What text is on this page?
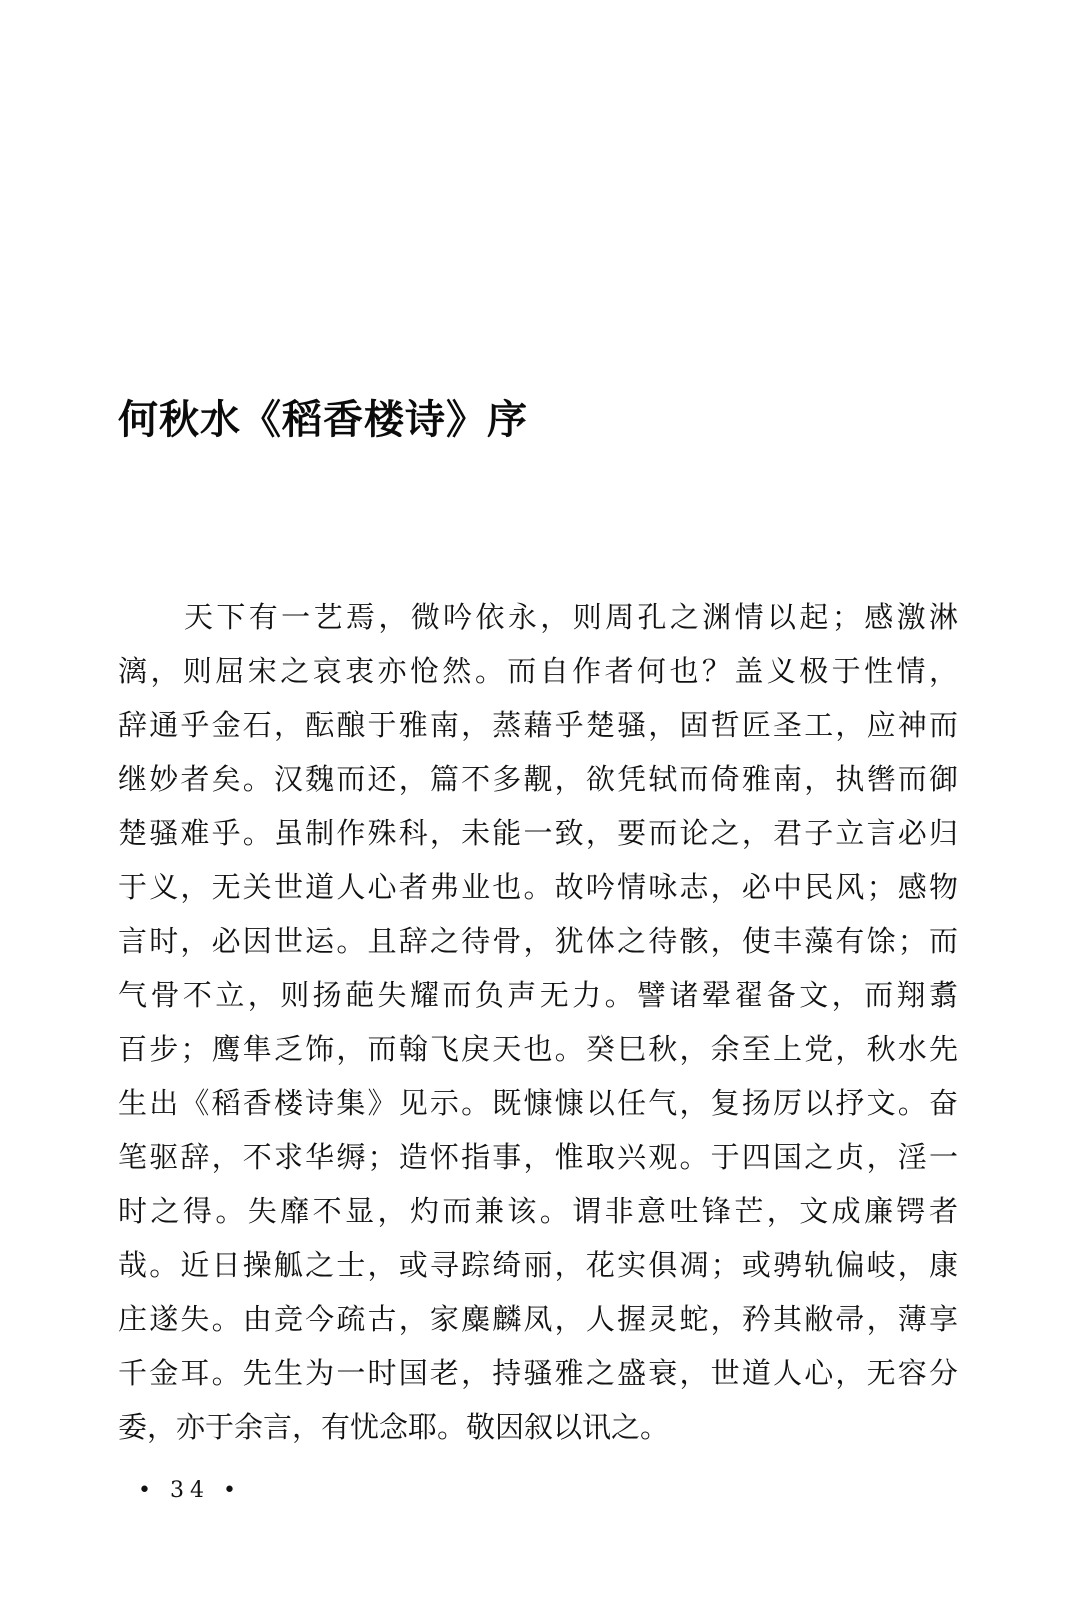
何秋水《稻香楼诗》序
天下有一艺焉，微吟依永，则周孔之渊情以起；感激淋
漓，则屈宋之哀衷亦怆然。而自作者何也？盖义极于性情，
辞通乎金石，酝酿于雅南，蒸藉乎楚骚，固哲匠圣工，应神而
继妙者矣。汉魏而还，篇不多觏，欲凭轼而倚雅南，执辔而御
楚骚难乎。虽制作殊科，未能一致，要而论之，君子立言必归
于义，无关世道人心者弗业也。故吟情咏志，必中民风；感物
言时，必因世运。且辞之待骨，犹体之待骸，使丰藻有馀；而
气骨不立，则扬葩失耀而负声无力。譬诸翚翟备文，而翔翥
百步；鹰隼乏饰，而翰飞戾天也。癸巳秋，余至上党，秋水先
生出《稻香楼诗集》见示。既慷慷以任气，复扬厉以抒文。奋
笔驱辞，不求华缛；造怀指事，惟取兴观。于四国之贞，淫一
时之得。失靡不显，灼而兼该。谓非意吐锋芒，文成廉锷者
哉。近日操觚之士，或寻踪绮丽，花实俱凋；或骋轨偏岐，康
庄遂失。由竞今疏古，家麋麟凤，人握灵蛇，矜其敝帚，薄享
千金耳。先生为一时国老，持骚雅之盛衰，世道人心，无容分
委，亦于余言，有忧念耶。敬因叙以讯之。
• 34 •
